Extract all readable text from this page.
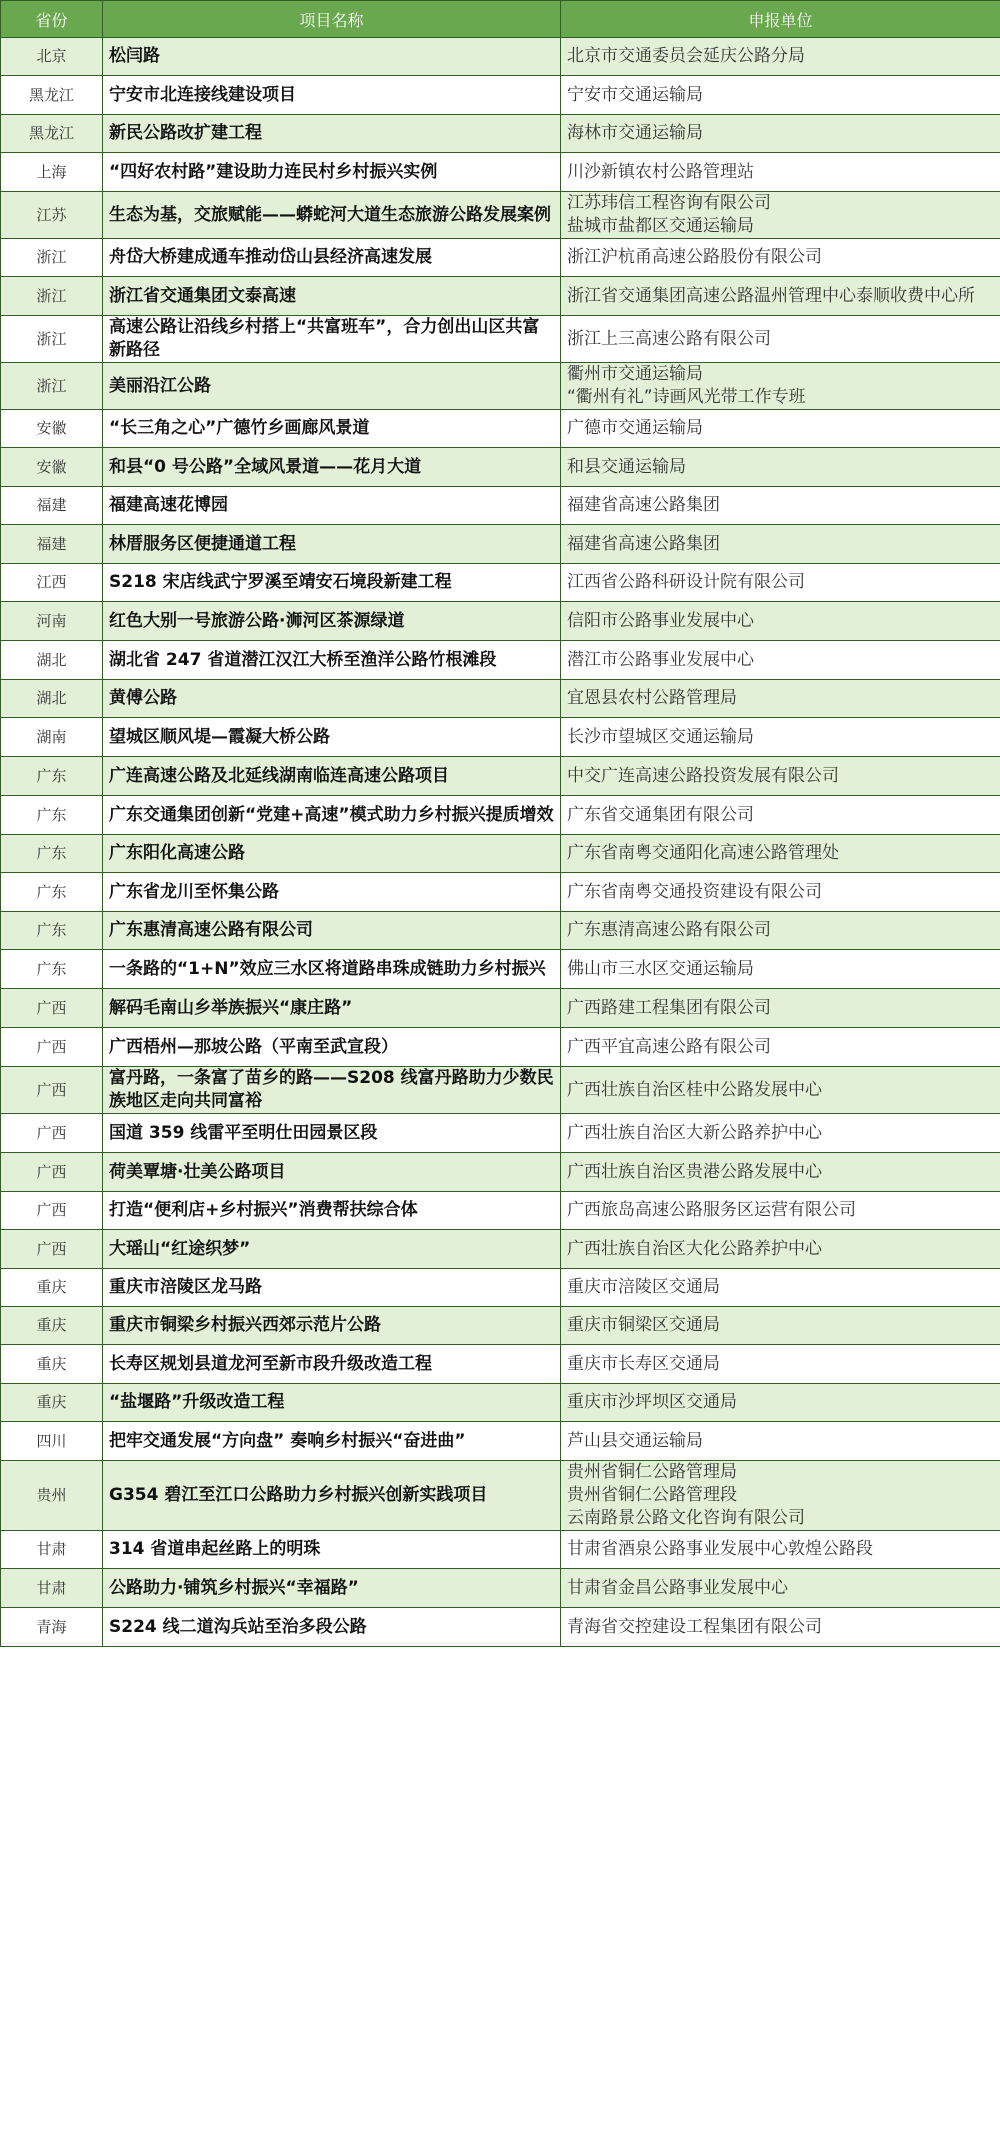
省份	项目名称	申报单位
北京	松闫路	北京市交通委员会延庆公路分局

黑龙江	宁安市北连接线建设项目	宁安市交通运输局

黑龙江	新民公路改扩建工程	海林市交通运输局

上海	“四好农村路”建设助力连民村乡村振兴实例	川沙新镇农村公路管理站

江苏	生态为基，交旅赋能——蟒蛇河大道生态旅游公路发展案例	江苏玮信工程咨询有限公司
盐城市盐都区交通运输局

浙江	舟岱大桥建成通车推动岱山县经济高速发展	浙江沪杭甬高速公路股份有限公司

浙江	浙江省交通集团文泰高速	浙江省交通集团高速公路温州管理中心泰顺收费中心所

浙江	高速公路让沿线乡村搭上“共富班车”，合力创出山区共富新路径	浙江上三高速公路有限公司

浙江	美丽沿江公路	衢州市交通运输局
“衢州有礼”诗画风光带工作专班

安徽	“长三角之心”广德竹乡画廊风景道	广德市交通运输局

安徽	和县“0 号公路”全域风景道——花月大道	和县交通运输局

福建	福建高速花博园	福建省高速公路集团

福建	林厝服务区便捷通道工程	福建省高速公路集团

江西	S218 宋店线武宁罗溪至靖安石境段新建工程	江西省公路科研设计院有限公司

河南	红色大别一号旅游公路·浉河区茶源绿道	信阳市公路事业发展中心

湖北	湖北省 247 省道潜江汉江大桥至渔洋公路竹根滩段	潜江市公路事业发展中心

湖北	黄傅公路	宜恩县农村公路管理局

湖南	望城区顺风堤—霞凝大桥公路	长沙市望城区交通运输局

广东	广连高速公路及北延线湖南临连高速公路项目	中交广连高速公路投资发展有限公司

广东	广东交通集团创新“党建+高速”模式助力乡村振兴提质增效	广东省交通集团有限公司

广东	广东阳化高速公路	广东省南粤交通阳化高速公路管理处

广东	广东省龙川至怀集公路	广东省南粤交通投资建设有限公司

广东	广东惠清高速公路有限公司	广东惠清高速公路有限公司

广东	一条路的“1+N”效应三水区将道路串珠成链助力乡村振兴	佛山市三水区交通运输局

广西	解码毛南山乡举族振兴“康庄路”	广西路建工程集团有限公司

广西	广西梧州—那坡公路（平南至武宣段）	广西平宜高速公路有限公司

广西	富丹路，一条富了苗乡的路——S208 线富丹路助力少数民族地区走向共同富裕	广西壮族自治区桂中公路发展中心

广西	国道 359 线雷平至明仕田园景区段	广西壮族自治区大新公路养护中心

广西	荷美覃塘·壮美公路项目	广西壮族自治区贵港公路发展中心

广西	打造“便利店+乡村振兴”消费帮扶综合体	广西旅岛高速公路服务区运营有限公司

广西	大瑶山“红途织梦”	广西壮族自治区大化公路养护中心

重庆	重庆市涪陵区龙马路	重庆市涪陵区交通局

重庆	重庆市铜梁乡村振兴西郊示范片公路	重庆市铜梁区交通局

重庆	长寿区规划县道龙河至新市段升级改造工程	重庆市长寿区交通局

重庆	“盐堰路”升级改造工程	重庆市沙坪坝区交通局

四川	把牢交通发展“方向盘” 奏响乡村振兴“奋进曲”	芦山县交通运输局

贵州	G354 碧江至江口公路助力乡村振兴创新实践项目	贵州省铜仁公路管理局
贵州省铜仁公路管理段
云南路景公路文化咨询有限公司

甘肃	314 省道串起丝路上的明珠	甘肃省酒泉公路事业发展中心敦煌公路段

甘肃	公路助力·铺筑乡村振兴“幸福路”	甘肃省金昌公路事业发展中心

青海	S224 线二道沟兵站至治多段公路	青海省交控建设工程集团有限公司
